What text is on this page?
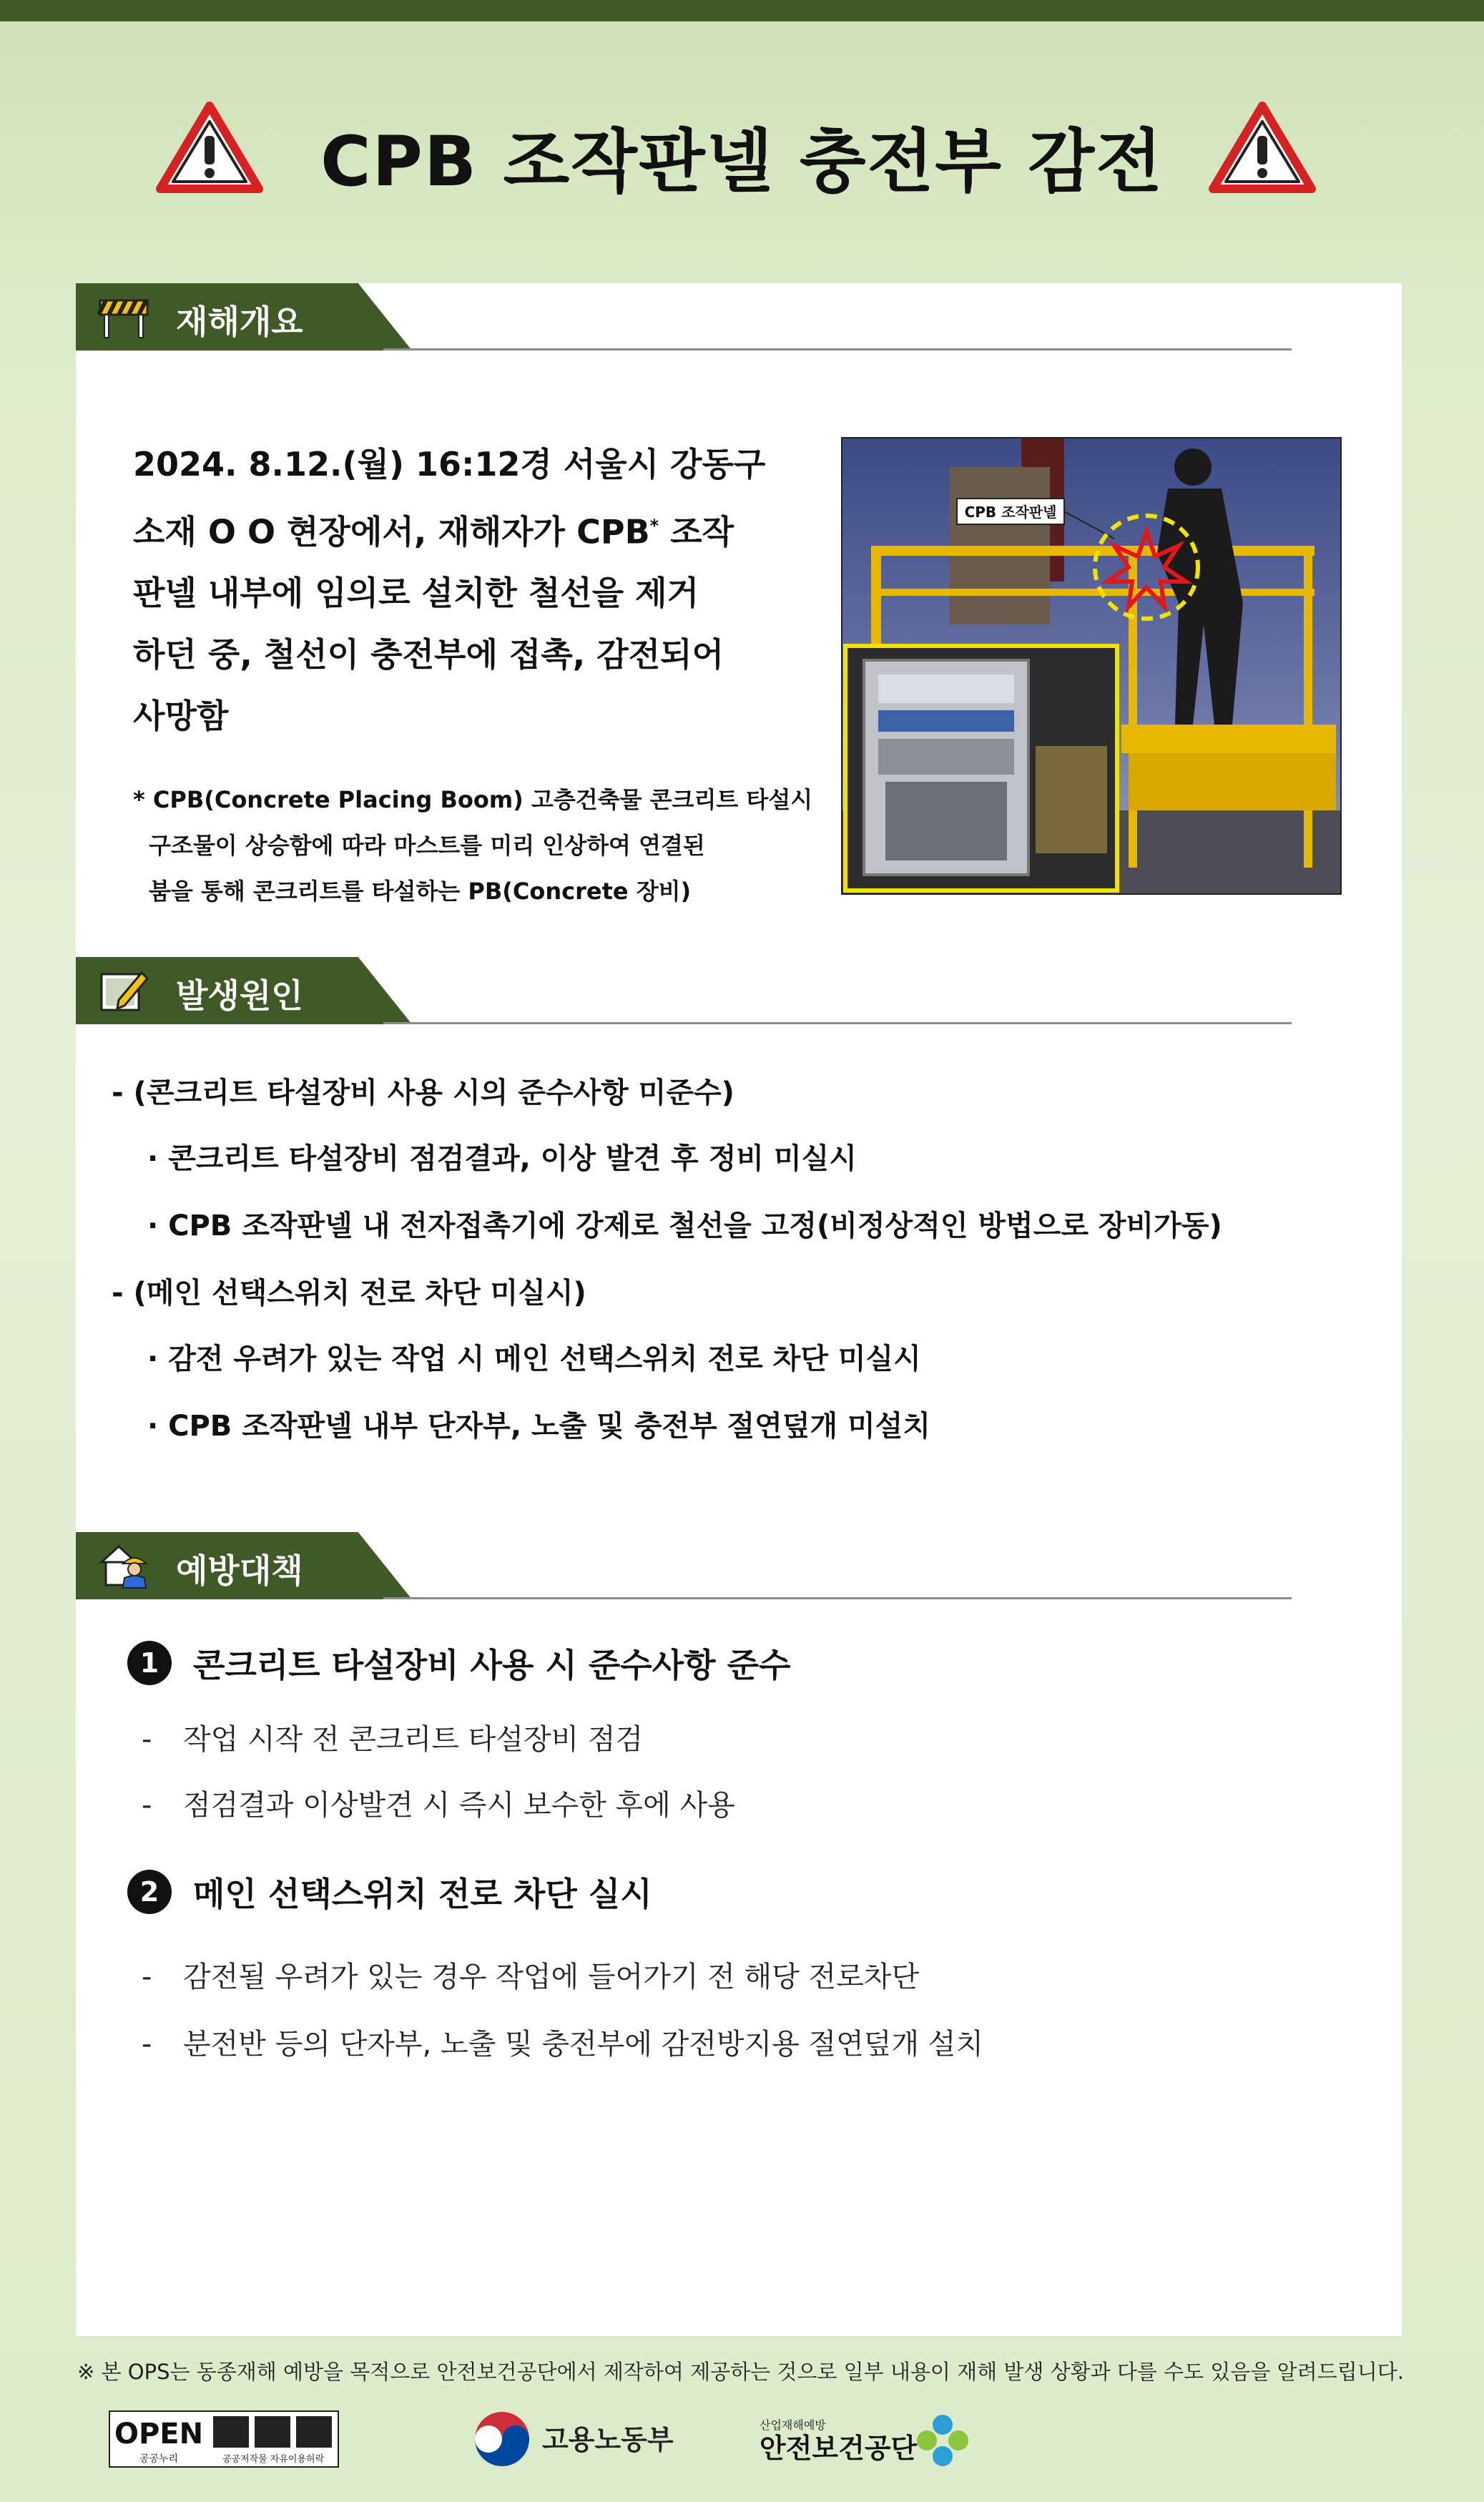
CPB 조작판넬 충전부 감전
재해개요
2024. 8.12.(월) 16:12경 서울시 강동구
소재 O O 현장에서, 재해자가 CPB* 조작
판넬 내부에 임의로 설치한 철선을 제거
하던 중, 철선이 충전부에 접촉, 감전되어
사망함
* CPB(Concrete Placing Boom) 고층건축물 콘크리트 타설시
구조물이 상승함에 따라 마스트를 미리 인상하여 연결된
붐을 통해 콘크리트를 타설하는 PB(Concrete 장비)
CPB 조작판넬
발생원인
- (콘크리트 타설장비 사용 시의 준수사항 미준수)
· 콘크리트 타설장비 점검결과, 이상 발견 후 정비 미실시
· CPB 조작판넬 내 전자접촉기에 강제로 철선을 고정(비정상적인 방법으로 장비가동)
- (메인 선택스위치 전로 차단 미실시)
· 감전 우려가 있는 작업 시 메인 선택스위치 전로 차단 미실시
· CPB 조작판넬 내부 단자부, 노출 및 충전부 절연덮개 미설치
예방대책
1	콘크리트 타설장비 사용 시 준수사항 준수
- 작업 시작 전 콘크리트 타설장비 점검
- 점검결과 이상발견 시 즉시 보수한 후에 사용
2	메인 선택스위치 전로 차단 실시
- 감전될 우려가 있는 경우 작업에 들어가기 전 해당 전로차단
- 분전반 등의 단자부, 노출 및 충전부에 감전방지용 절연덮개 설치
※ 본 OPS는 동종재해 예방을 목적으로 안전보건공단에서 제작하여 제공하는 것으로 일부 내용이 재해 발생 상황과 다를 수도 있음을 알려드립니다.
OPEN
공공누리	공공저작물 자유이용허락
고용노동부	산업재해예방
안전보건공단
